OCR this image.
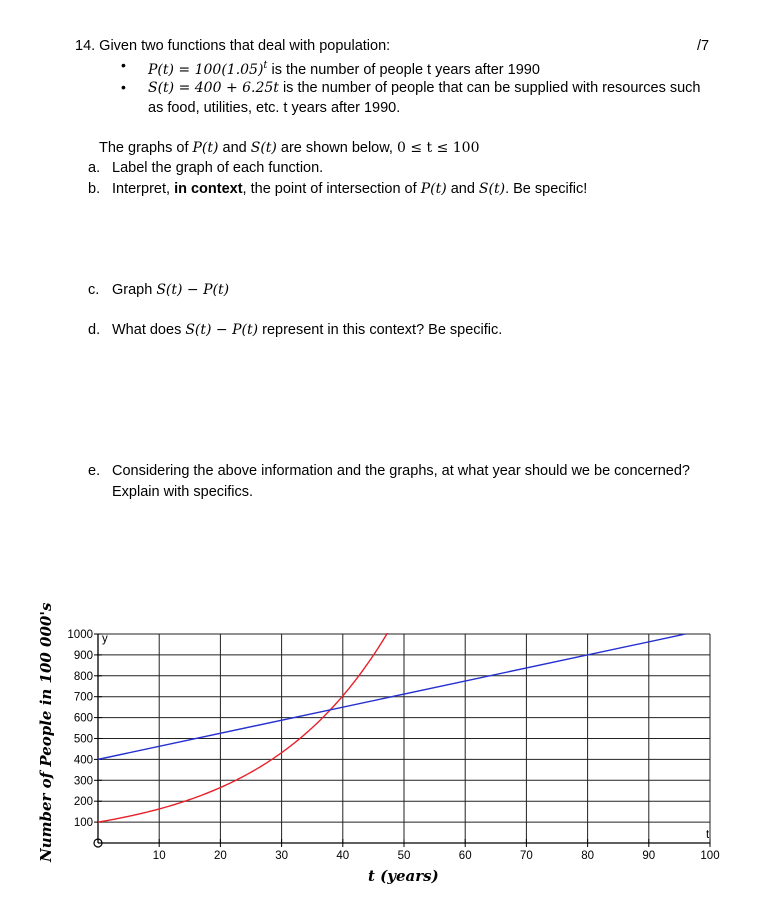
14. Given two functions that deal with population:	/7
• $P(t) = 100(1.05)^t$ is the number of people t years after 1990
• S(t) = 400 + 6.25t is the number of people that can be supplied with resources such
as food, utilities, etc. t years after 1990.
The graphs of P(t) and S(t) are shown below, 0 ≤ t ≤ 100
a. Label the graph of each function.
b. Interpret, in context, the point of intersection of P(t) and S(t). Be specific!
c. Graph S(t) − P(t)
d. What does S(t) − P(t) represent in this context? Be specific.
e. Considering the above information and the graphs, at what year should we be concerned?
Explain with specifics.
Number of People in 100 000's
t (years)
y
t
10	20	30	40	50	60	70	80	90	100
100
200
300
400
500
600
700
800
900
1000
